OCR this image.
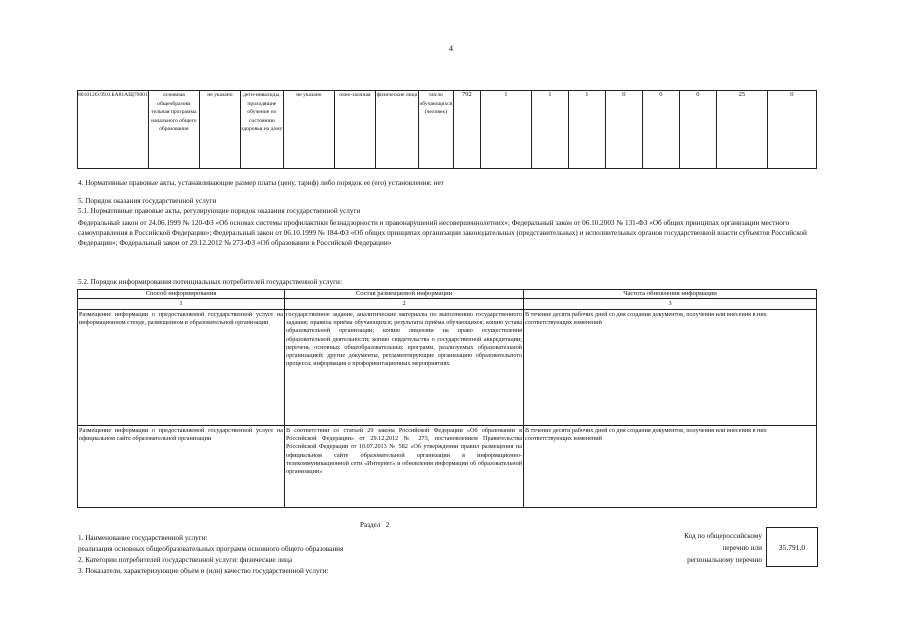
4
801012О.99.0.БА81АЩ76001	основная общеобразова тельная программа начального общего образования	не указано	дети-инвалиды, проходящие обучение по состоянию здоровья на дому	не указано	очно-заочная	физические лица	число обучающихся (человек)	792	1	1	1	0	0	0	25	0
4. Нормативные правовые акты, устанавливающие размер платы (цену, тариф) либо порядок ее (его) установления: нет
5. Порядок оказания государственной услуги
5.1. Нормативные правовые акты, регулирующие порядок оказания государственной услуги
Федеральный закон от 24.06.1999 № 120-ФЗ «Об основах системы профилактики безнадзорности и правонарушений несовершеннолетних»; Федеральный закон от 06.10.2003 № 131-ФЗ «Об общих принципах организации местного самоуправления в Российской Федерации»; Федеральный закон от 06.10.1999 № 184-ФЗ «Об общих принципах организации законодательных (представительных) и исполнительных органов государственной власти субъектов Российской Федерации»; Федеральный закон от 29.12.2012 № 273-ФЗ «Об образовании в Российской Федерации»
5.2. Порядок информирования потенциальных потребителей государственной услуги:
Способ информирования	Состав размещаемой информации	Частота обновления информации
1	2	3
Размещение информации о предоставляемой государственной услуге на информационном стенде, размещенном в образовательной организации	государственное задание, аналитические материалы по выполнению государственного задания; правила приёма обучающихся; результаты приёма обучающихся; копию устава образовательной организации; копию лицензии на право осуществления образовательной деятельности; копию свидетельства о государственной аккредитации; перечень основных общеобразовательных программ, реализуемых образовательной организацией; другие документы, регламентирующие организацию образовательного процесса; информация о профориентационных мероприятиях	В течение десяти рабочих дней со дня создания документов, получения или внесения в них соответствующих изменений
Размещение информации о предоставляемой государственной услуге на официальном сайте образовательной организации	В соответствии со статьей 29 закона Российской Федерации «Об образовании в Российской Федерации» от 29.12.2012 № 273, постановлением Правительства Российской Федерации от 10.07.2013 № 582 «Об утверждении правил размещения на официальном сайте образовательной организации в информационно-телекоммуникационной сети «Интернет» и обновления информации об образовательной организации»	В течение десяти рабочих дней со дня создания документов, получения или внесения в них соответствующих изменений
Раздел   2
1. Наименование государственной услуги:
реализация основных общеобразовательных программ основного общего образования
2. Категории потребителей государственной услуги: физические лица
3. Показатели, характеризующие объем и (или) качество государственной услуги:
Код по общероссийскому
перечню или
региональному перечню
35.791.0
